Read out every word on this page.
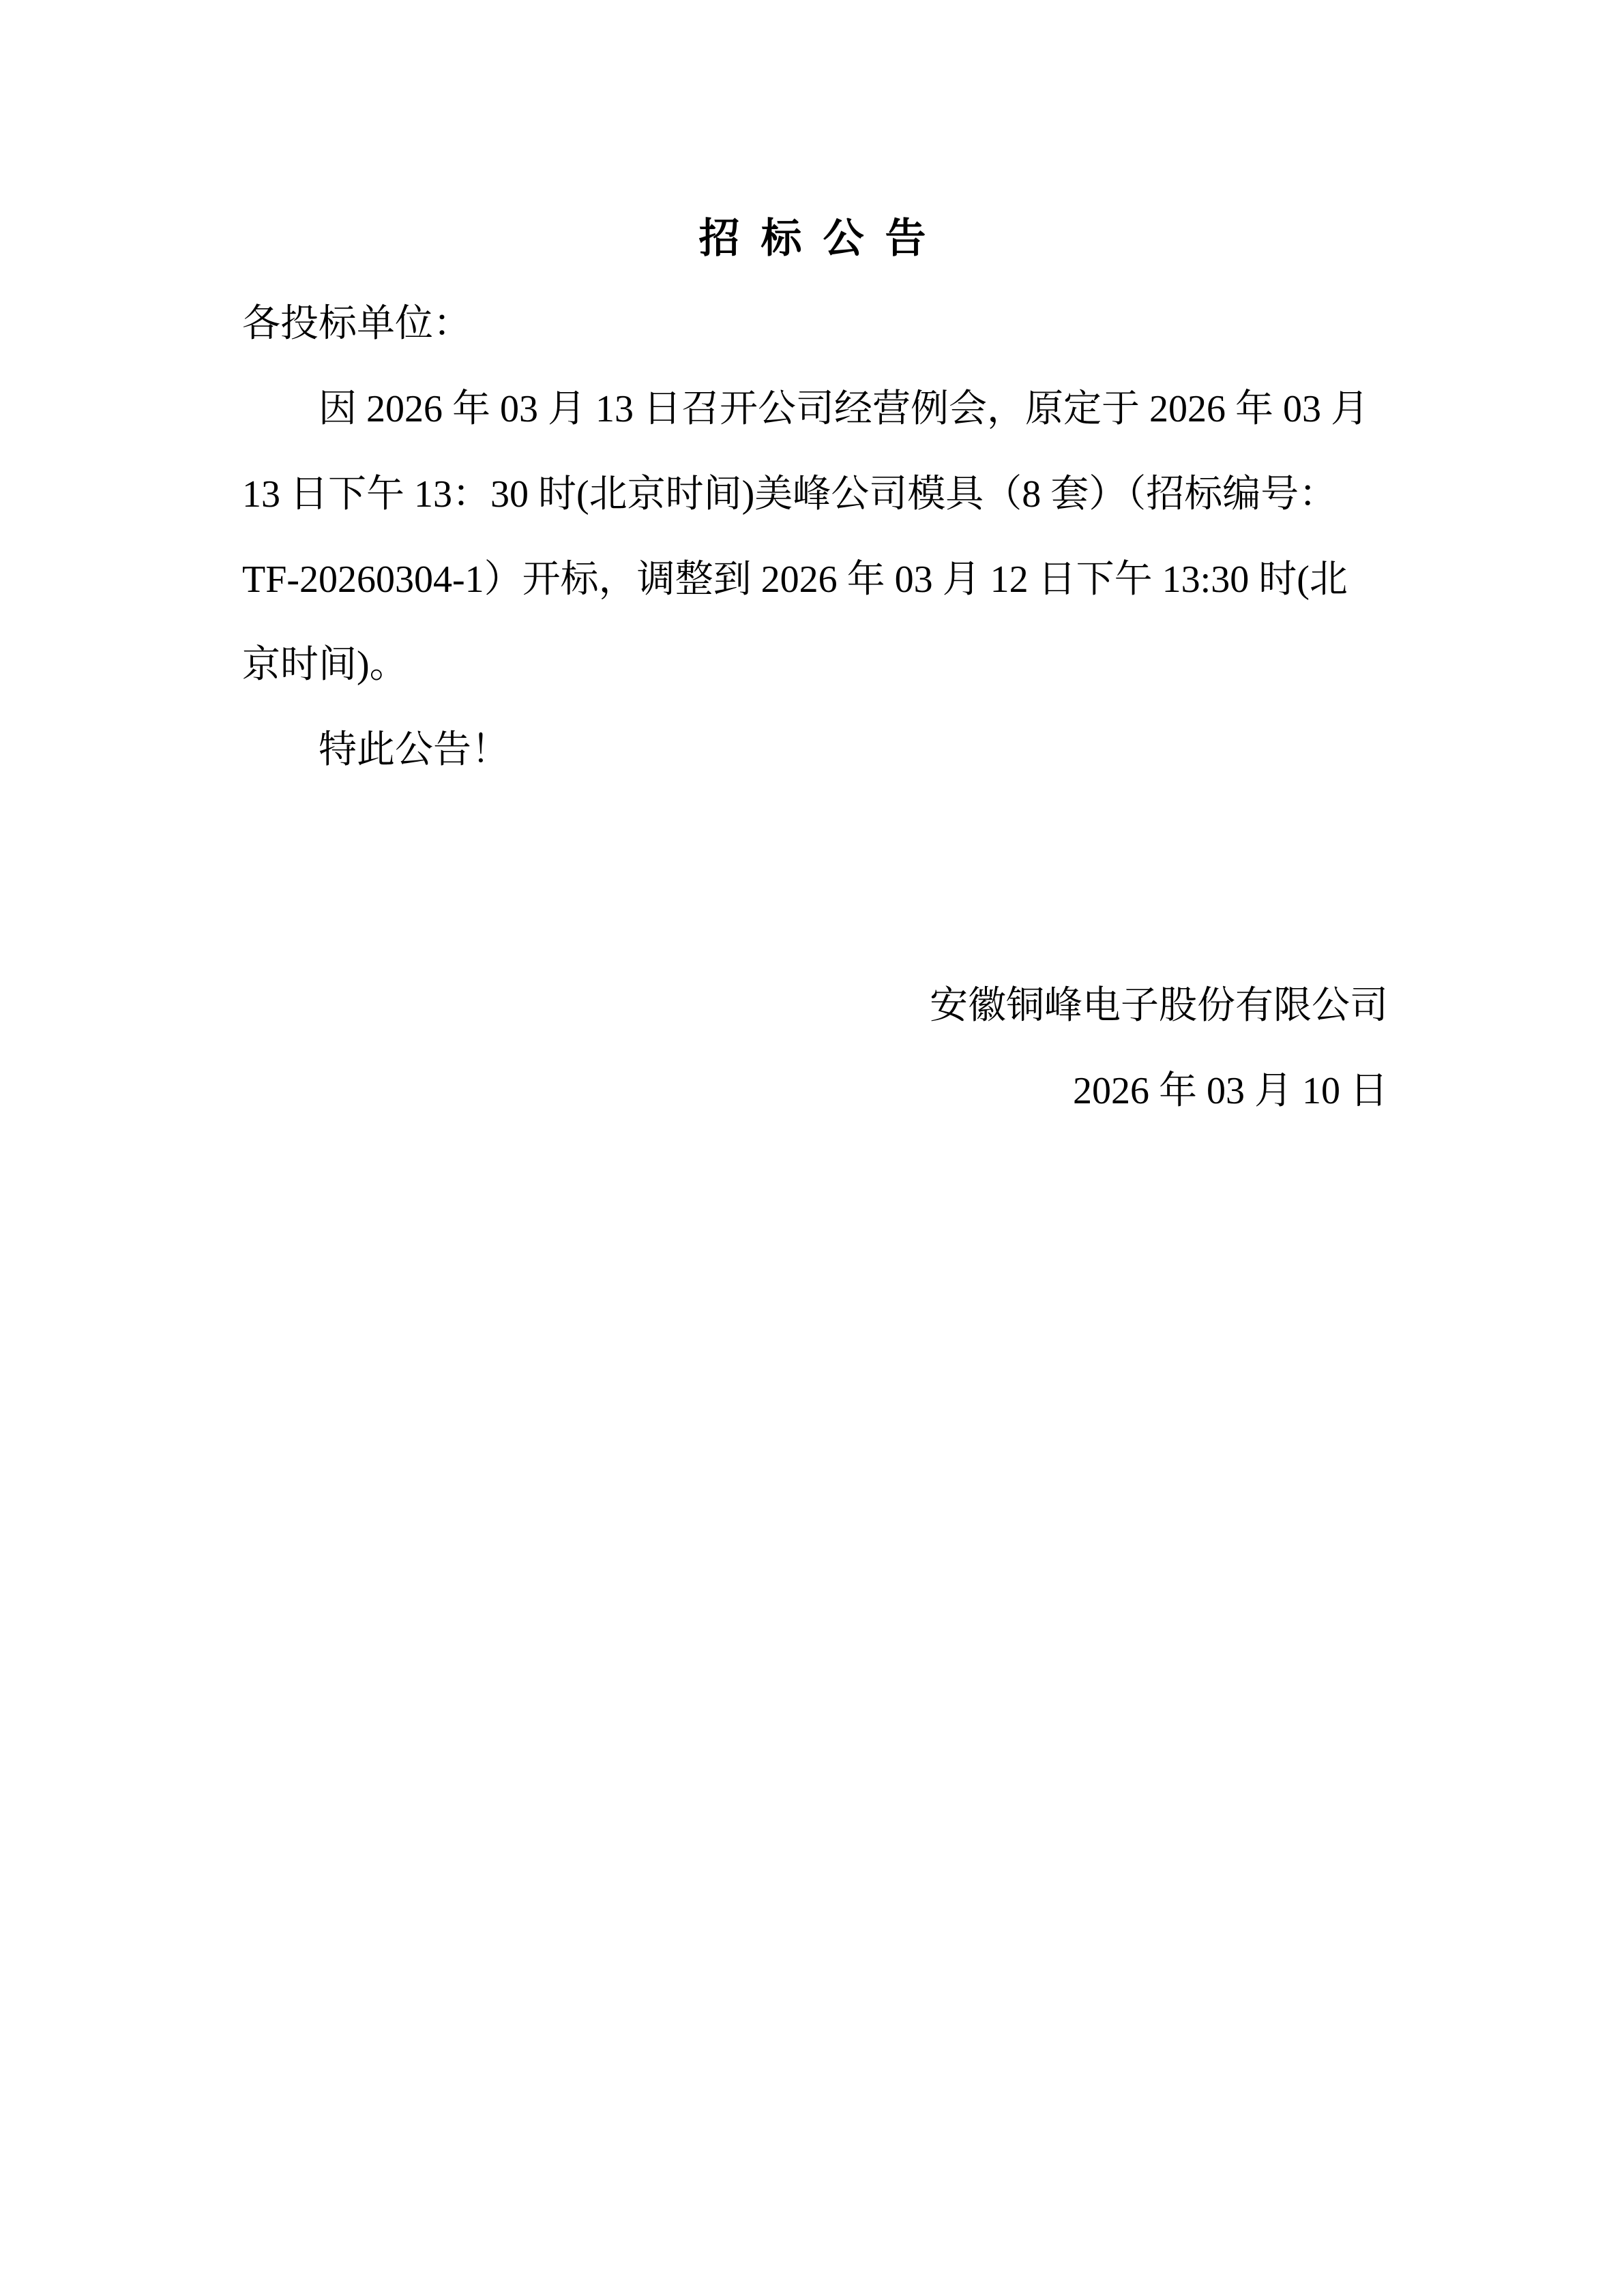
招 标 公 告
各投标单位：
因 2026 年 03 月 13 日召开公司经营例会，原定于 2026 年 03 月
13 日下午 13：30 时(北京时间)美峰公司模具（8 套）（招标编号：
TF-20260304-1）开标，调整到 2026 年 03 月 12 日下午 13:30 时(北
京时间)。
特此公告！
安徽铜峰电子股份有限公司
2026 年 03 月 10 日
